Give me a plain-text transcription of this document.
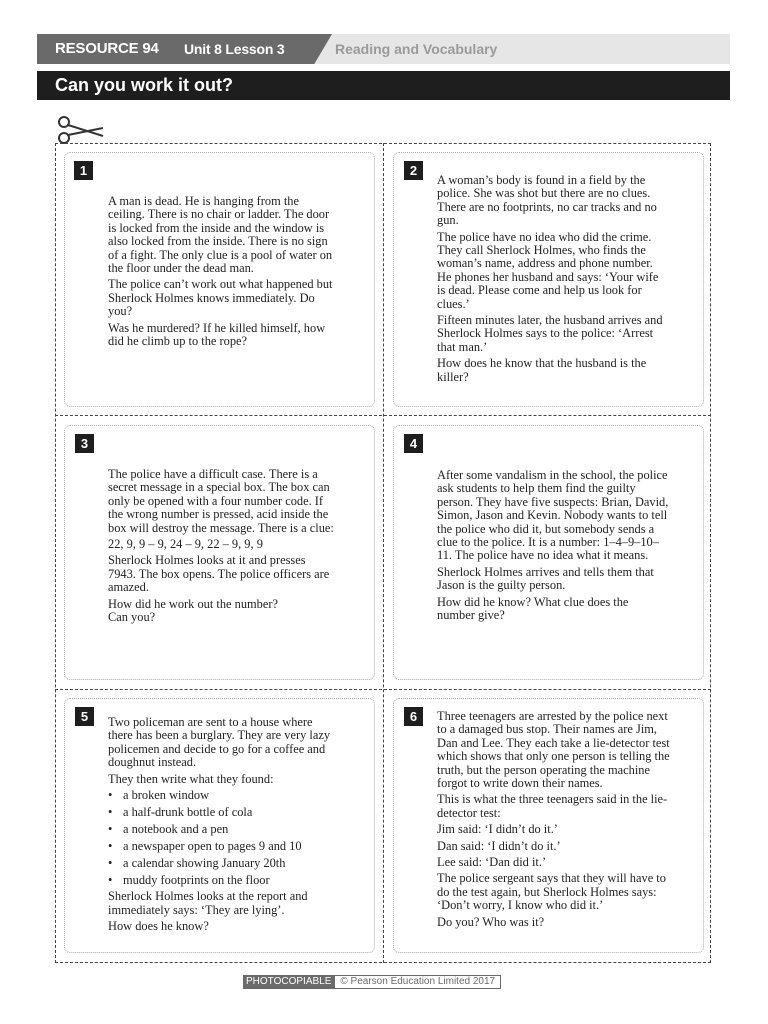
RESOURCE 94 Unit 8 Lesson 3	Reading and Vocabulary
Can you work it out?
1

A man is dead. He is hanging from the ceiling. There is no chair or ladder. The door is locked from the inside and the window is also locked from the inside. There is no sign of a fight. The only clue is a pool of water on the floor under the dead man.

The police can’t work out what happened but Sherlock Holmes knows immediately. Do you?

Was he murdered? If he killed himself, how did he climb up to the rope?

2

A woman’s body is found in a field by the police. She was shot but there are no clues. There are no footprints, no car tracks and no gun.

The police have no idea who did the crime. They call Sherlock Holmes, who finds the woman’s name, address and phone number. He phones her husband and says: ‘Your wife is dead. Please come and help us look for clues.’

Fifteen minutes later, the husband arrives and Sherlock Holmes says to the police: ‘Arrest that man.’

How does he know that the husband is the killer?

3

The police have a difficult case. There is a secret message in a special box. The box can only be opened with a four number code. If the wrong number is pressed, acid inside the box will destroy the message. There is a clue:

22, 9, 9 – 9, 24 – 9, 22 – 9, 9, 9

Sherlock Holmes looks at it and presses 7943. The box opens. The police officers are amazed.

How did he work out the number? Can you?

4

After some vandalism in the school, the police ask students to help them find the guilty person. They have five suspects: Brian, David, Simon, Jason and Kevin. Nobody wants to tell the police who did it, but somebody sends a clue to the police. It is a number: 1–4–9–10–11. The police have no idea what it means.

Sherlock Holmes arrives and tells them that Jason is the guilty person.

How did he know? What clue does the number give?

5	Two policeman are sent to a house where there has been a burglary. They are very lazy policemen and decide to go for a coffee and doughnut instead.

They then write what they found:

• a broken window
• a half-drunk bottle of cola
• a notebook and a pen
• a newspaper open to pages 9 and 10
• a calendar showing January 20th
• muddy footprints on the floor

Sherlock Holmes looks at the report and immediately says: ‘They are lying’.

How does he know?

6	Three teenagers are arrested by the police next to a damaged bus stop. Their names are Jim, Dan and Lee. They each take a lie-detector test which shows that only one person is telling the truth, but the person operating the machine forgot to write down their names.

This is what the three teenagers said in the lie-detector test:

Jim said: ‘I didn’t do it.’

Dan said: ‘I didn’t do it.’

Lee said: ‘Dan did it.’

The police sergeant says that they will have to do the test again, but Sherlock Holmes says: ‘Don’t worry, I know who did it.’

Do you? Who was it?

PHOTOCOPIABLE © Pearson Education Limited 2017
